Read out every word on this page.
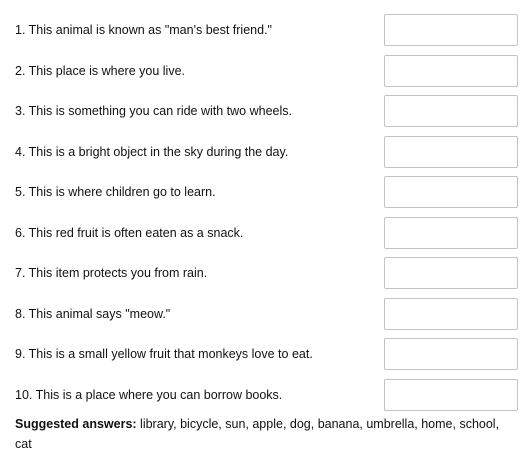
1. This animal is known as "man's best friend."
2. This place is where you live.
3. This is something you can ride with two wheels.
4. This is a bright object in the sky during the day.
5. This is where children go to learn.
6. This red fruit is often eaten as a snack.
7. This item protects you from rain.
8. This animal says "meow."
9. This is a small yellow fruit that monkeys love to eat.
10. This is a place where you can borrow books.
Suggested answers: library, bicycle, sun, apple, dog, banana, umbrella, home, school, cat
